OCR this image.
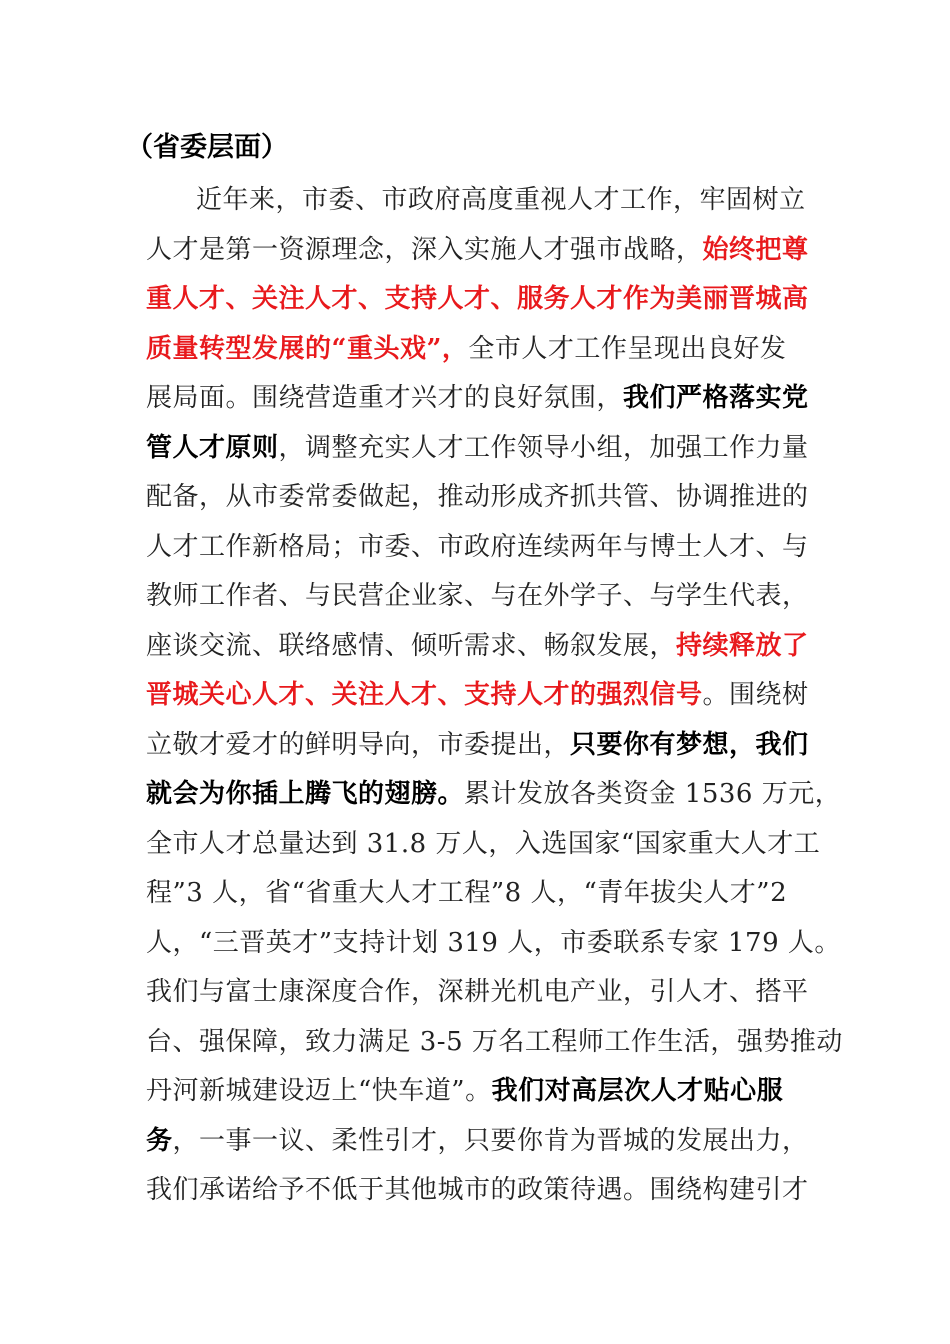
（省委层面）
近年来，市委、市政府高度重视人才工作，牢固树立
人才是第一资源理念，深入实施人才强市战略，始终把尊
重人才、关注人才、支持人才、服务人才作为美丽晋城高
质量转型发展的“重头戏”，全市人才工作呈现出良好发
展局面。围绕营造重才兴才的良好氛围，我们严格落实党
管人才原则，调整充实人才工作领导小组，加强工作力量
配备，从市委常委做起，推动形成齐抓共管、协调推进的
人才工作新格局；市委、市政府连续两年与博士人才、与
教师工作者、与民营企业家、与在外学子、与学生代表，
座谈交流、联络感情、倾听需求、畅叙发展，持续释放了
晋城关心人才、关注人才、支持人才的强烈信号。围绕树
立敬才爱才的鲜明导向，市委提出，只要你有梦想，我们
就会为你插上腾飞的翅膀。累计发放各类资金 1536 万元，
全市人才总量达到 31.8 万人，入选国家“国家重大人才工
程”3 人，省“省重大人才工程”8 人，“青年拔尖人才”2
人，“三晋英才”支持计划 319 人，市委联系专家 179 人。
我们与富士康深度合作，深耕光机电产业，引人才、搭平
台、强保障，致力满足 3-5 万名工程师工作生活，强势推动
丹河新城建设迈上“快车道”。我们对高层次人才贴心服
务，一事一议、柔性引才，只要你肯为晋城的发展出力，
我们承诺给予不低于其他城市的政策待遇。围绕构建引才
